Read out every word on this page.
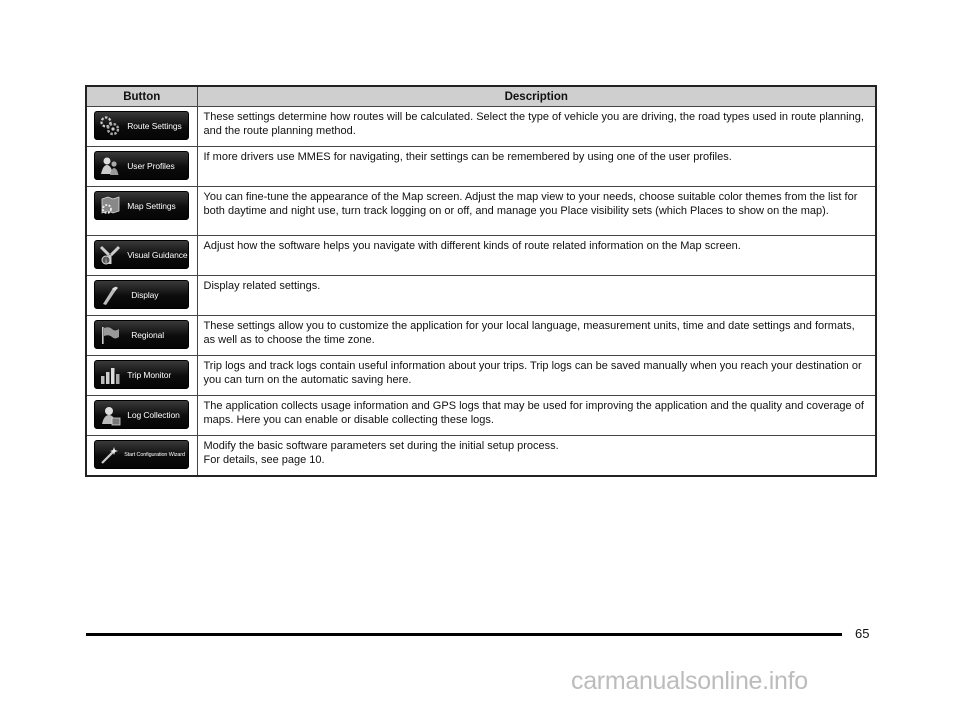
Button	Description

Route Settings	These settings determine how routes will be calculated. Select the type of vehicle you are driving, the road types used in route planning, and the route planning method.

User Profiles	If more drivers use MMES for navigating, their settings can be remembered by using one of the user profiles.

Map Settings	You can fine-tune the appearance of the Map screen. Adjust the map view to your needs, choose suitable color themes from the list for both daytime and night use, turn track logging on or off, and manage you Place visibility sets (which Places to show on the map).

i
Visual Guidance	Adjust how the software helps you navigate with different kinds of route related information on the Map screen.

Display	Display related settings.

Regional	These settings allow you to customize the application for your local language, measurement units, time and date settings and formats, as well as to choose the time zone.

Trip Monitor	Trip logs and track logs contain useful information about your trips. Trip logs can be saved manually when you reach your destination or you can turn on the automatic saving here.

Log Collection	The application collects usage information and GPS logs that may be used for improving the application and the quality and coverage of maps. Here you can enable or disable collecting these logs.

Start Configuration Wizard	Modify the basic software parameters set during the initial setup process.
For details, see page 10.
65
carmanualsonline.info
